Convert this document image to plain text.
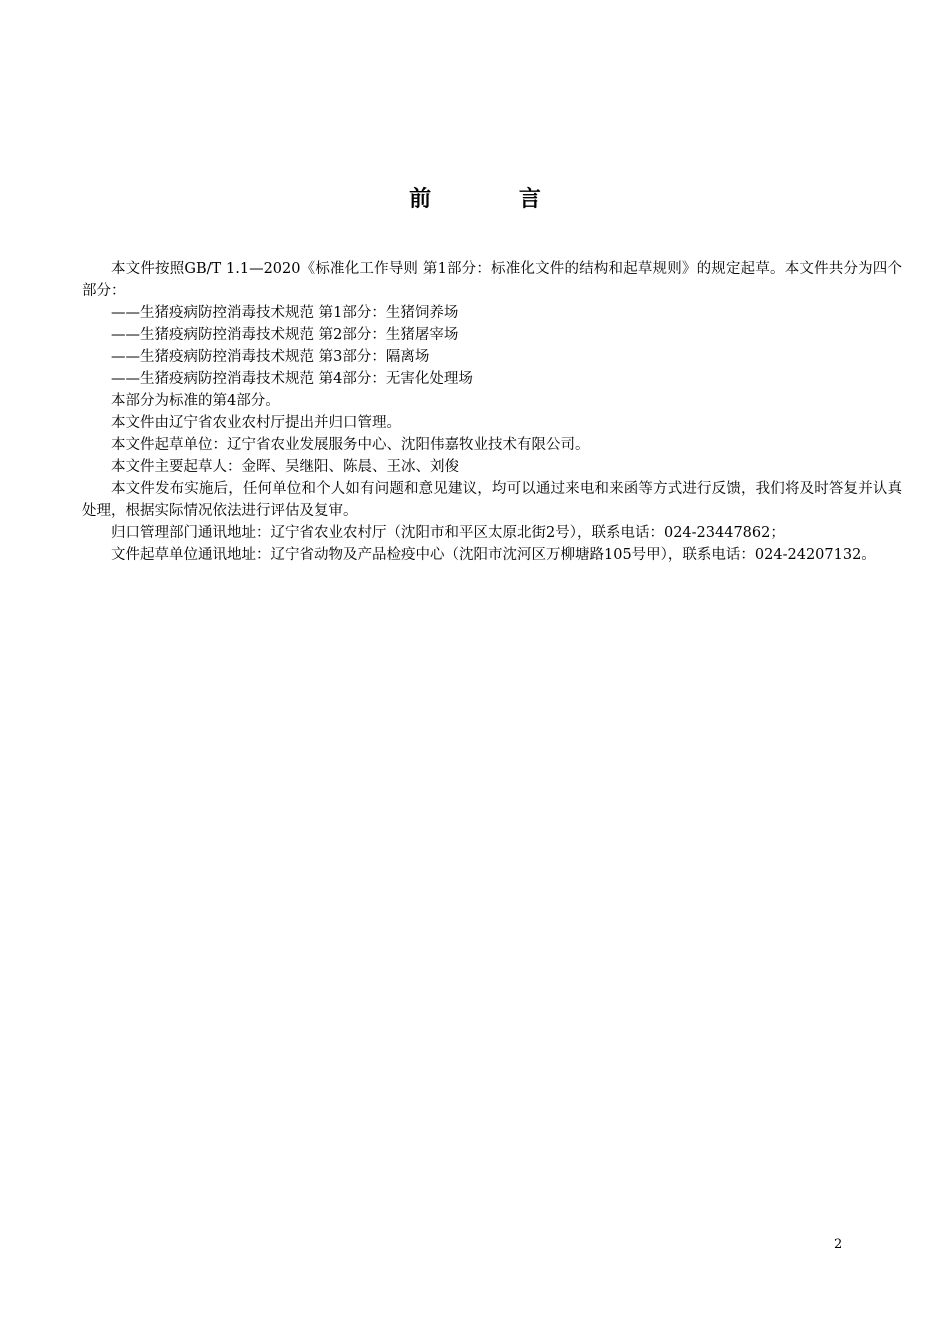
前 言

本文件按照GB/T 1.1—2020《标准化工作导则 第1部分：标准化文件的结构和起草规则》的规定起草。本文件共分为四个部分：

——生猪疫病防控消毒技术规范 第1部分：生猪饲养场

——生猪疫病防控消毒技术规范 第2部分：生猪屠宰场

——生猪疫病防控消毒技术规范 第3部分：隔离场

——生猪疫病防控消毒技术规范 第4部分：无害化处理场

本部分为标准的第4部分。

本文件由辽宁省农业农村厅提出并归口管理。

本文件起草单位：辽宁省农业发展服务中心、沈阳伟嘉牧业技术有限公司。

本文件主要起草人：金晖、吴继阳、陈晨、王冰、刘俊

本文件发布实施后，任何单位和个人如有问题和意见建议，均可以通过来电和来函等方式进行反馈，我们将及时答复并认真处理，根据实际情况依法进行评估及复审。

归口管理部门通讯地址：辽宁省农业农村厅（沈阳市和平区太原北街2号），联系电话：024-23447862；

文件起草单位通讯地址：辽宁省动物及产品检疫中心（沈阳市沈河区万柳塘路105号甲），联系电话：024-24207132。

2
